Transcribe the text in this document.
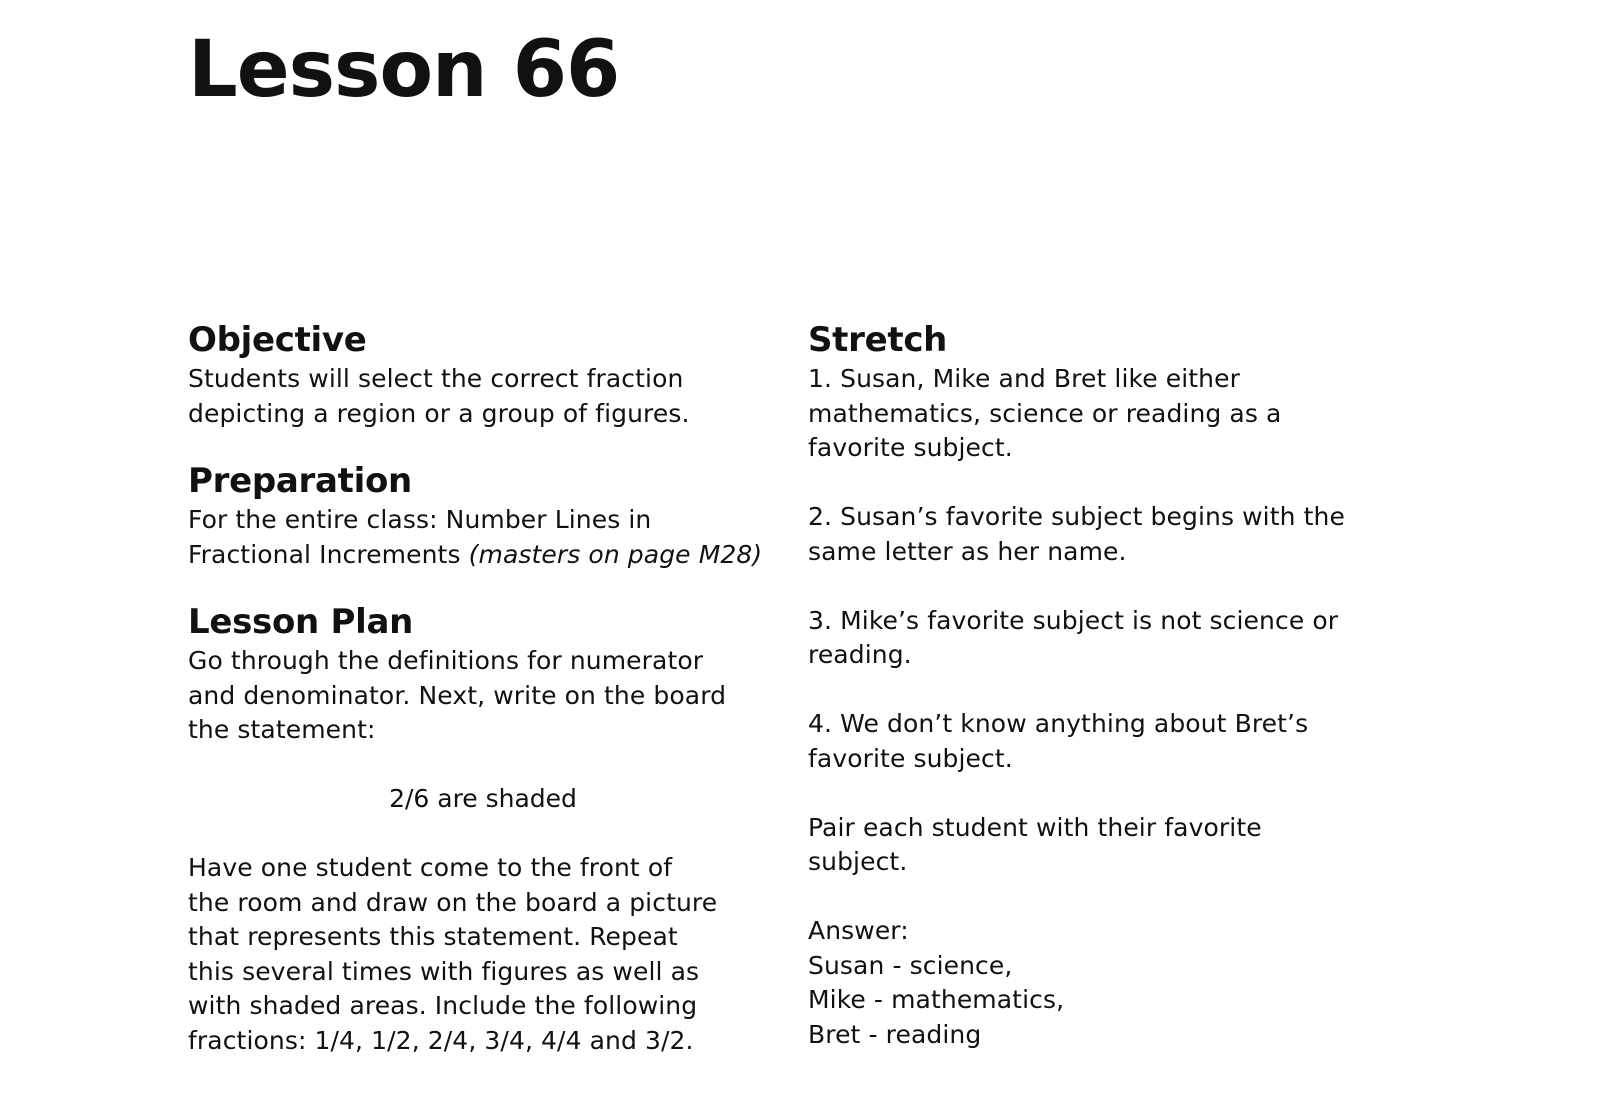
Lesson 66
Objective

Students will select the correct fraction
depicting a region or a group of figures.

Preparation

For the entire class: Number Lines in
Fractional Increments (masters on page M28)

Lesson Plan

Go through the definitions for numerator
and denominator. Next, write on the board
the statement:

2/6 are shaded

Have one student come to the front of
the room and draw on the board a picture
that represents this statement. Repeat
this several times with figures as well as
with shaded areas. Include the following
fractions: 1/4, 1/2, 2/4, 3/4, 4/4 and 3/2.

Stretch

1. Susan, Mike and Bret like either
mathematics, science or reading as a
favorite subject.

2. Susan’s favorite subject begins with the
same letter as her name.

3. Mike’s favorite subject is not science or
reading.

4. We don’t know anything about Bret’s
favorite subject.

Pair each student with their favorite
subject.

Answer:

Susan - science,

Mike - mathematics,

Bret - reading
